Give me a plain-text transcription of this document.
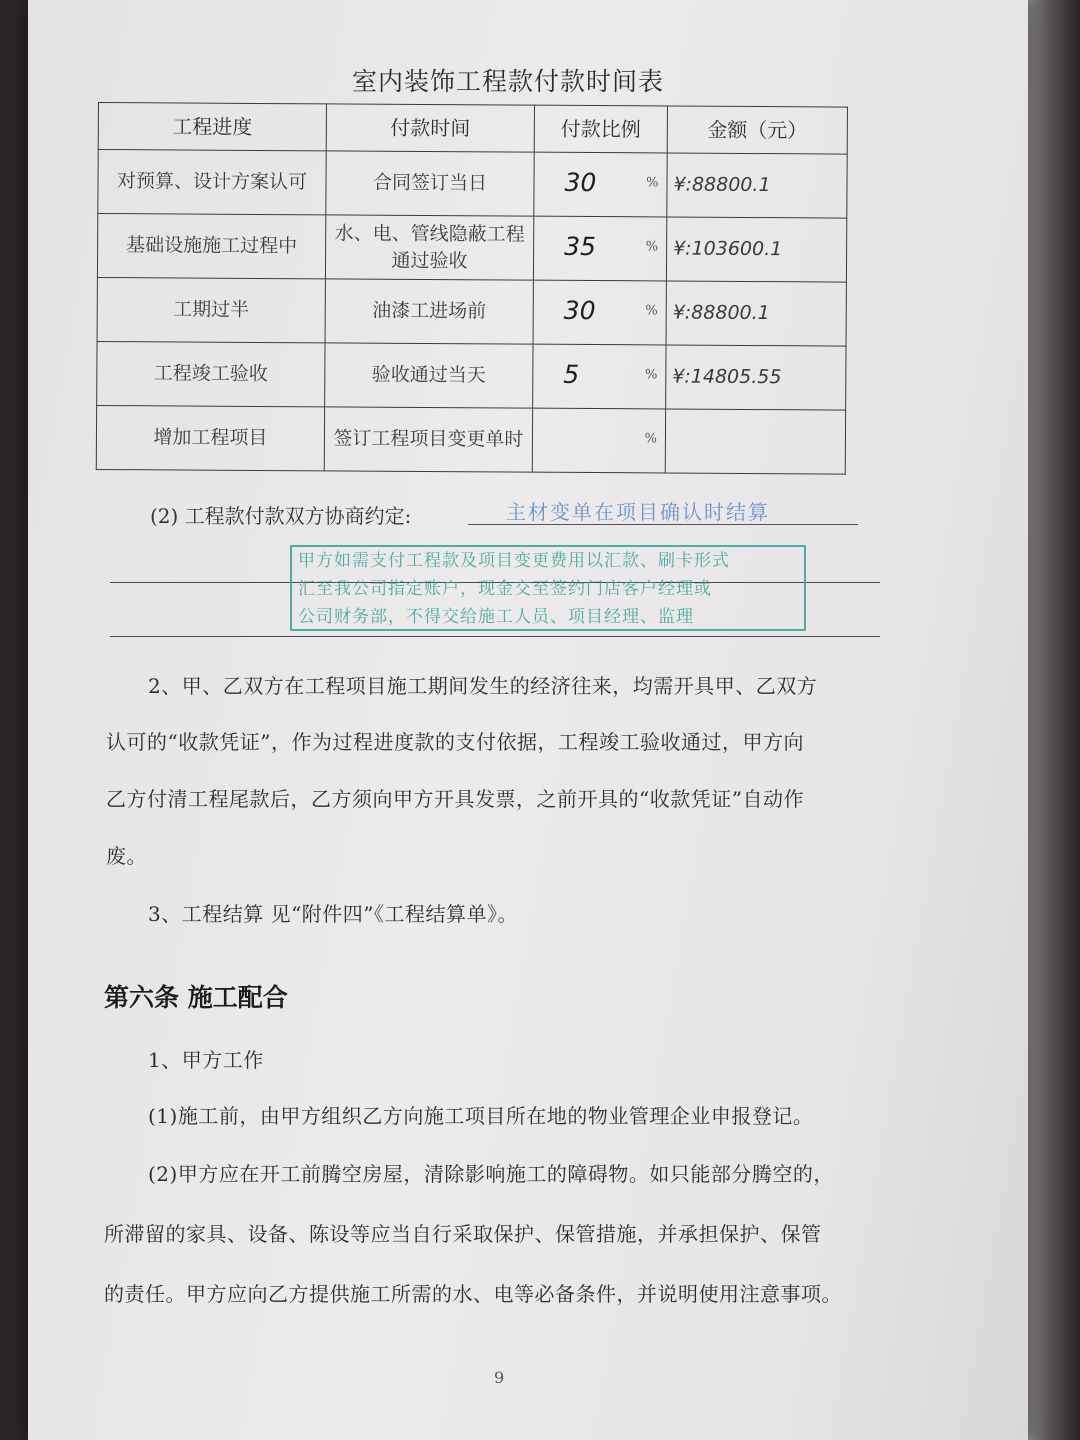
室内装饰工程款付款时间表
工程进度	付款时间	付款比例	金额（元）
对预算、设计方案认可	合同签订当日	30 %	¥:88800.1
基础设施施工过程中	水、电、管线隐蔽工程通过验收	35 %	¥:103600.1
工期过半	油漆工进场前	30 %	¥:88800.1
工程竣工验收	验收通过当天	5 %	¥:14805.55
增加工程项目	签订工程项目变更单时	%	

(2) 工程款付款双方协商约定:	主材变单在项目确认时结算
甲方如需支付工程款及项目变更费用以汇款、刷卡形式
汇至我公司指定账户，现金交至签约门店客户经理或
公司财务部，不得交给施工人员、项目经理、监理
2、甲、乙双方在工程项目施工期间发生的经济往来，均需开具甲、乙双方
认可的“收款凭证”，作为过程进度款的支付依据，工程竣工验收通过，甲方向
乙方付清工程尾款后，乙方须向甲方开具发票，之前开具的“收款凭证”自动作
废。
3、工程结算 见“附件四”《工程结算单》。
第六条 施工配合
1、甲方工作
(1)施工前，由甲方组织乙方向施工项目所在地的物业管理企业申报登记。
(2)甲方应在开工前腾空房屋，清除影响施工的障碍物。如只能部分腾空的，
所滞留的家具、设备、陈设等应当自行采取保护、保管措施，并承担保护、保管
的责任。甲方应向乙方提供施工所需的水、电等必备条件，并说明使用注意事项。
9
